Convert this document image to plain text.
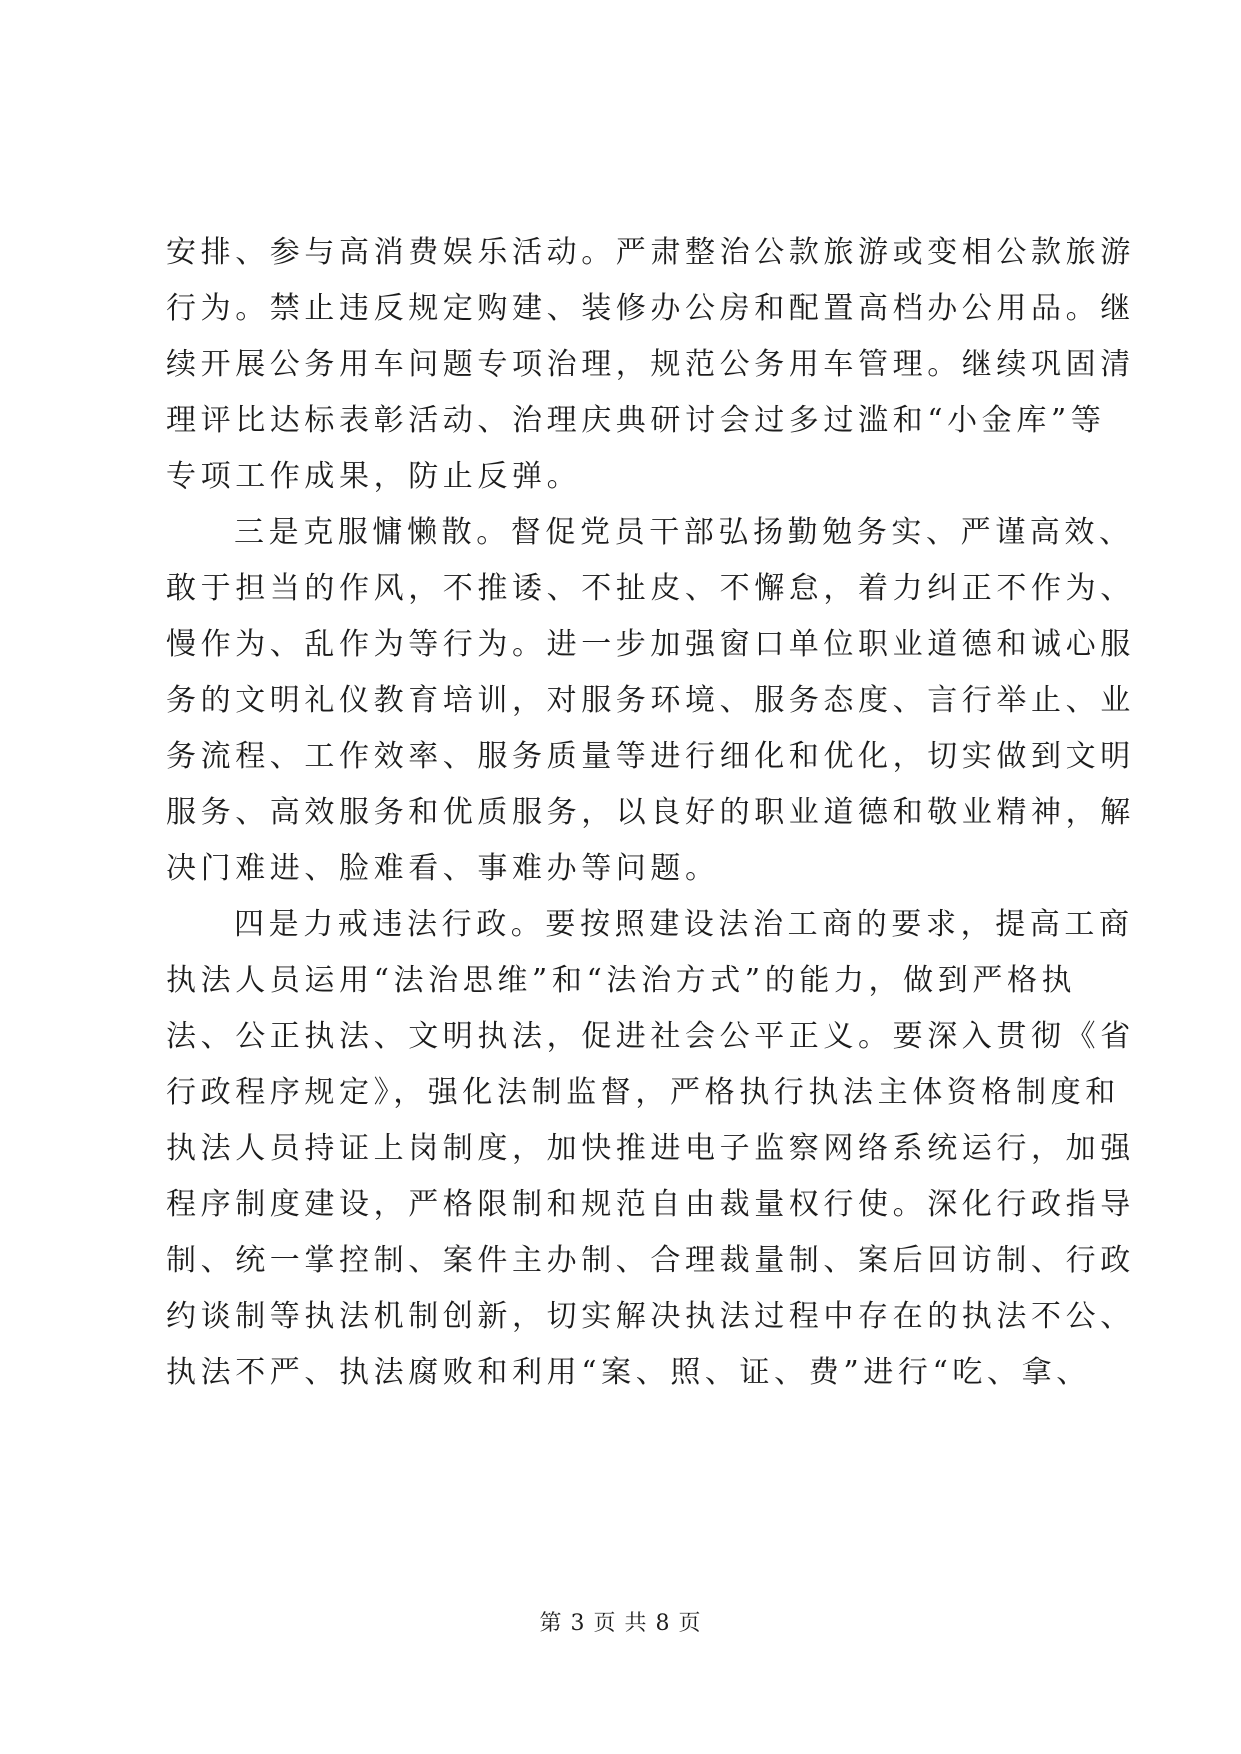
安排、参与高消费娱乐活动。严肃整治公款旅游或变相公款旅游
行为。禁止违反规定购建、装修办公房和配置高档办公用品。继
续开展公务用车问题专项治理，规范公务用车管理。继续巩固清
理评比达标表彰活动、治理庆典研讨会过多过滥和“小金库”等
专项工作成果，防止反弹。
三是克服慵懒散。督促党员干部弘扬勤勉务实、严谨高效、
敢于担当的作风，不推诿、不扯皮、不懈怠，着力纠正不作为、
慢作为、乱作为等行为。进一步加强窗口单位职业道德和诚心服
务的文明礼仪教育培训，对服务环境、服务态度、言行举止、业
务流程、工作效率、服务质量等进行细化和优化，切实做到文明
服务、高效服务和优质服务，以良好的职业道德和敬业精神，解
决门难进、脸难看、事难办等问题。
四是力戒违法行政。要按照建设法治工商的要求，提高工商
执法人员运用“法治思维”和“法治方式”的能力，做到严格执
法、公正执法、文明执法，促进社会公平正义。要深入贯彻《省
行政程序规定》，强化法制监督，严格执行执法主体资格制度和
执法人员持证上岗制度，加快推进电子监察网络系统运行，加强
程序制度建设，严格限制和规范自由裁量权行使。深化行政指导
制、统一掌控制、案件主办制、合理裁量制、案后回访制、行政
约谈制等执法机制创新，切实解决执法过程中存在的执法不公、
执法不严、执法腐败和利用“案、照、证、费”进行“吃、拿、
第 3 页 共 8 页
